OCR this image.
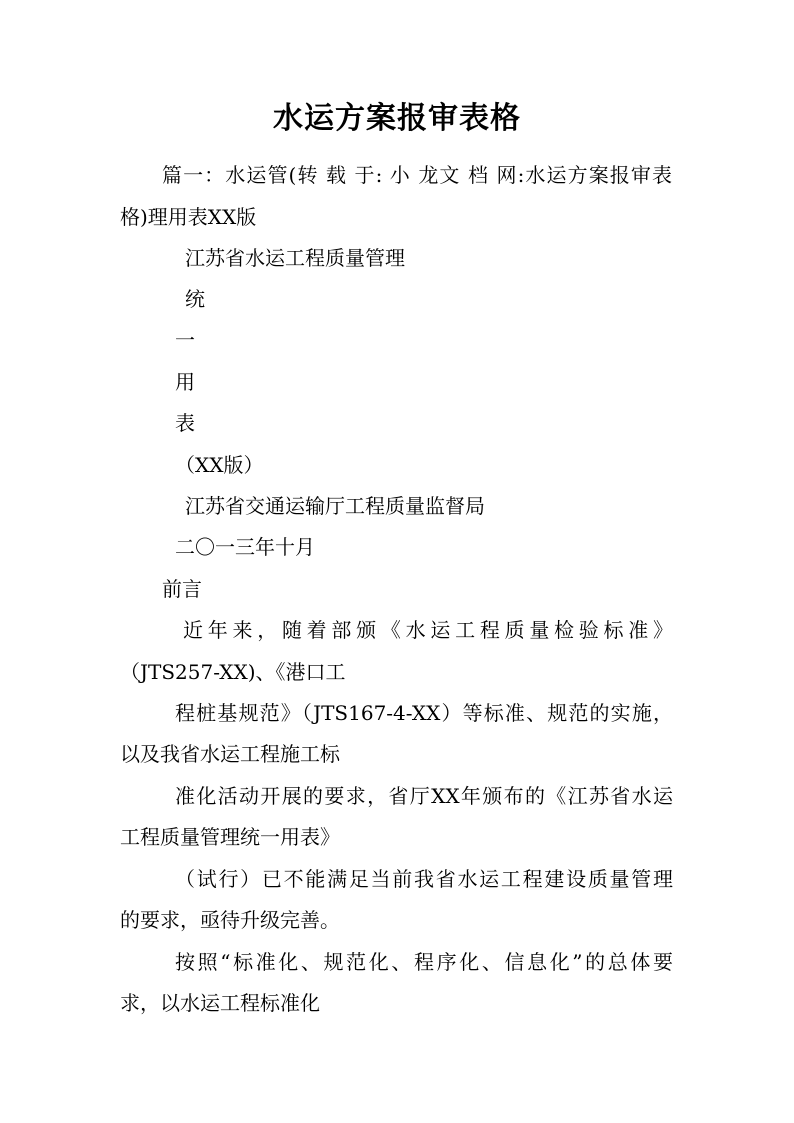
水运方案报审表格

篇一：水运管(转 载 于: 小 龙文 档 网:水运方案报审表

格)理用表XX版

江苏省水运工程质量管理

统

一

用

表

（XX版）

江苏省交通运输厅工程质量监督局

二〇一三年十月

前言

近年来，随着部颁《水运工程质量检验标准》

（JTS257-XX)、《港口工

程桩基规范》（JTS167-4-XX）等标准、规范的实施，

以及我省水运工程施工标

准化活动开展的要求，省厅XX年颁布的《江苏省水运

工程质量管理统一用表》

（试行）已不能满足当前我省水运工程建设质量管理

的要求，亟待升级完善。

按照“标准化、规范化、程序化、信息化”的总体要

求，以水运工程标准化
